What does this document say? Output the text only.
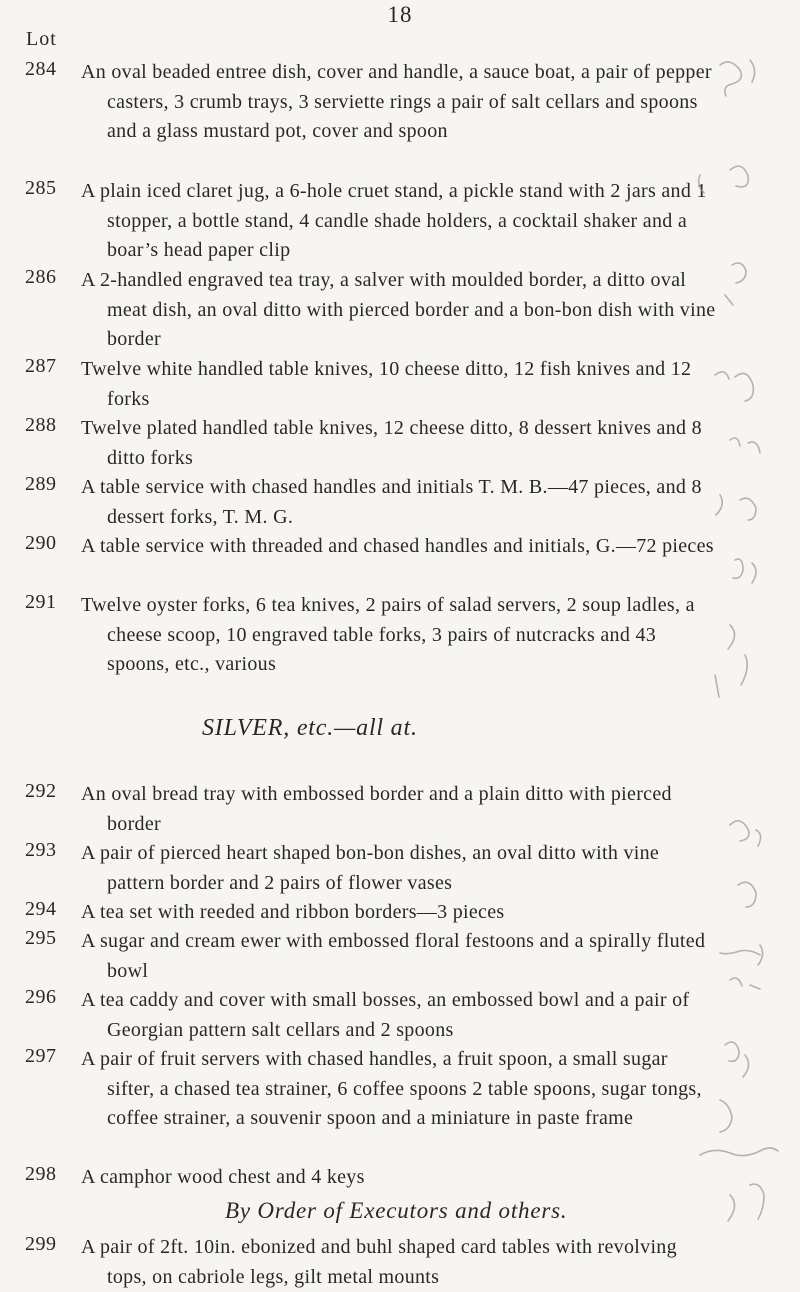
18
Lot
284 An oval beaded entree dish, cover and handle, a sauce boat, a pair of pepper casters, 3 crumb trays, 3 serviette rings a pair of salt cellars and spoons and a glass mustard pot, cover and spoon
285 A plain iced claret jug, a 6-hole cruet stand, a pickle stand with 2 jars and 1 stopper, a bottle stand, 4 candle shade holders, a cocktail shaker and a boar’s head paper clip
286 A 2-handled engraved tea tray, a salver with moulded border, a ditto oval meat dish, an oval ditto with pierced border and a bon-bon dish with vine border
287 Twelve white handled table knives, 10 cheese ditto, 12 fish knives and 12 forks
288 Twelve plated handled table knives, 12 cheese ditto, 8 dessert knives and 8 ditto forks
289 A table service with chased handles and initials T. M. B.—47 pieces, and 8 dessert forks, T. M. G.
290 A table service with threaded and chased handles and initials, G.—72 pieces
291 Twelve oyster forks, 6 tea knives, 2 pairs of salad servers, 2 soup ladles, a cheese scoop, 10 engraved table forks, 3 pairs of nutcracks and 43 spoons, etc., various
SILVER, etc.—all at.
292 An oval bread tray with embossed border and a plain ditto with pierced border
293 A pair of pierced heart shaped bon-bon dishes, an oval ditto with vine pattern border and 2 pairs of flower vases
294 A tea set with reeded and ribbon borders—3 pieces
295 A sugar and cream ewer with embossed floral festoons and a spirally fluted bowl
296 A tea caddy and cover with small bosses, an embossed bowl and a pair of Georgian pattern salt cellars and 2 spoons
297 A pair of fruit servers with chased handles, a fruit spoon, a small sugar sifter, a chased tea strainer, 6 coffee spoons 2 table spoons, sugar tongs, coffee strainer, a souvenir spoon and a miniature in paste frame
298 A camphor wood chest and 4 keys
By Order of Executors and others.
299 A pair of 2ft. 10in. ebonized and buhl shaped card tables with revolving tops, on cabriole legs, gilt metal mounts
